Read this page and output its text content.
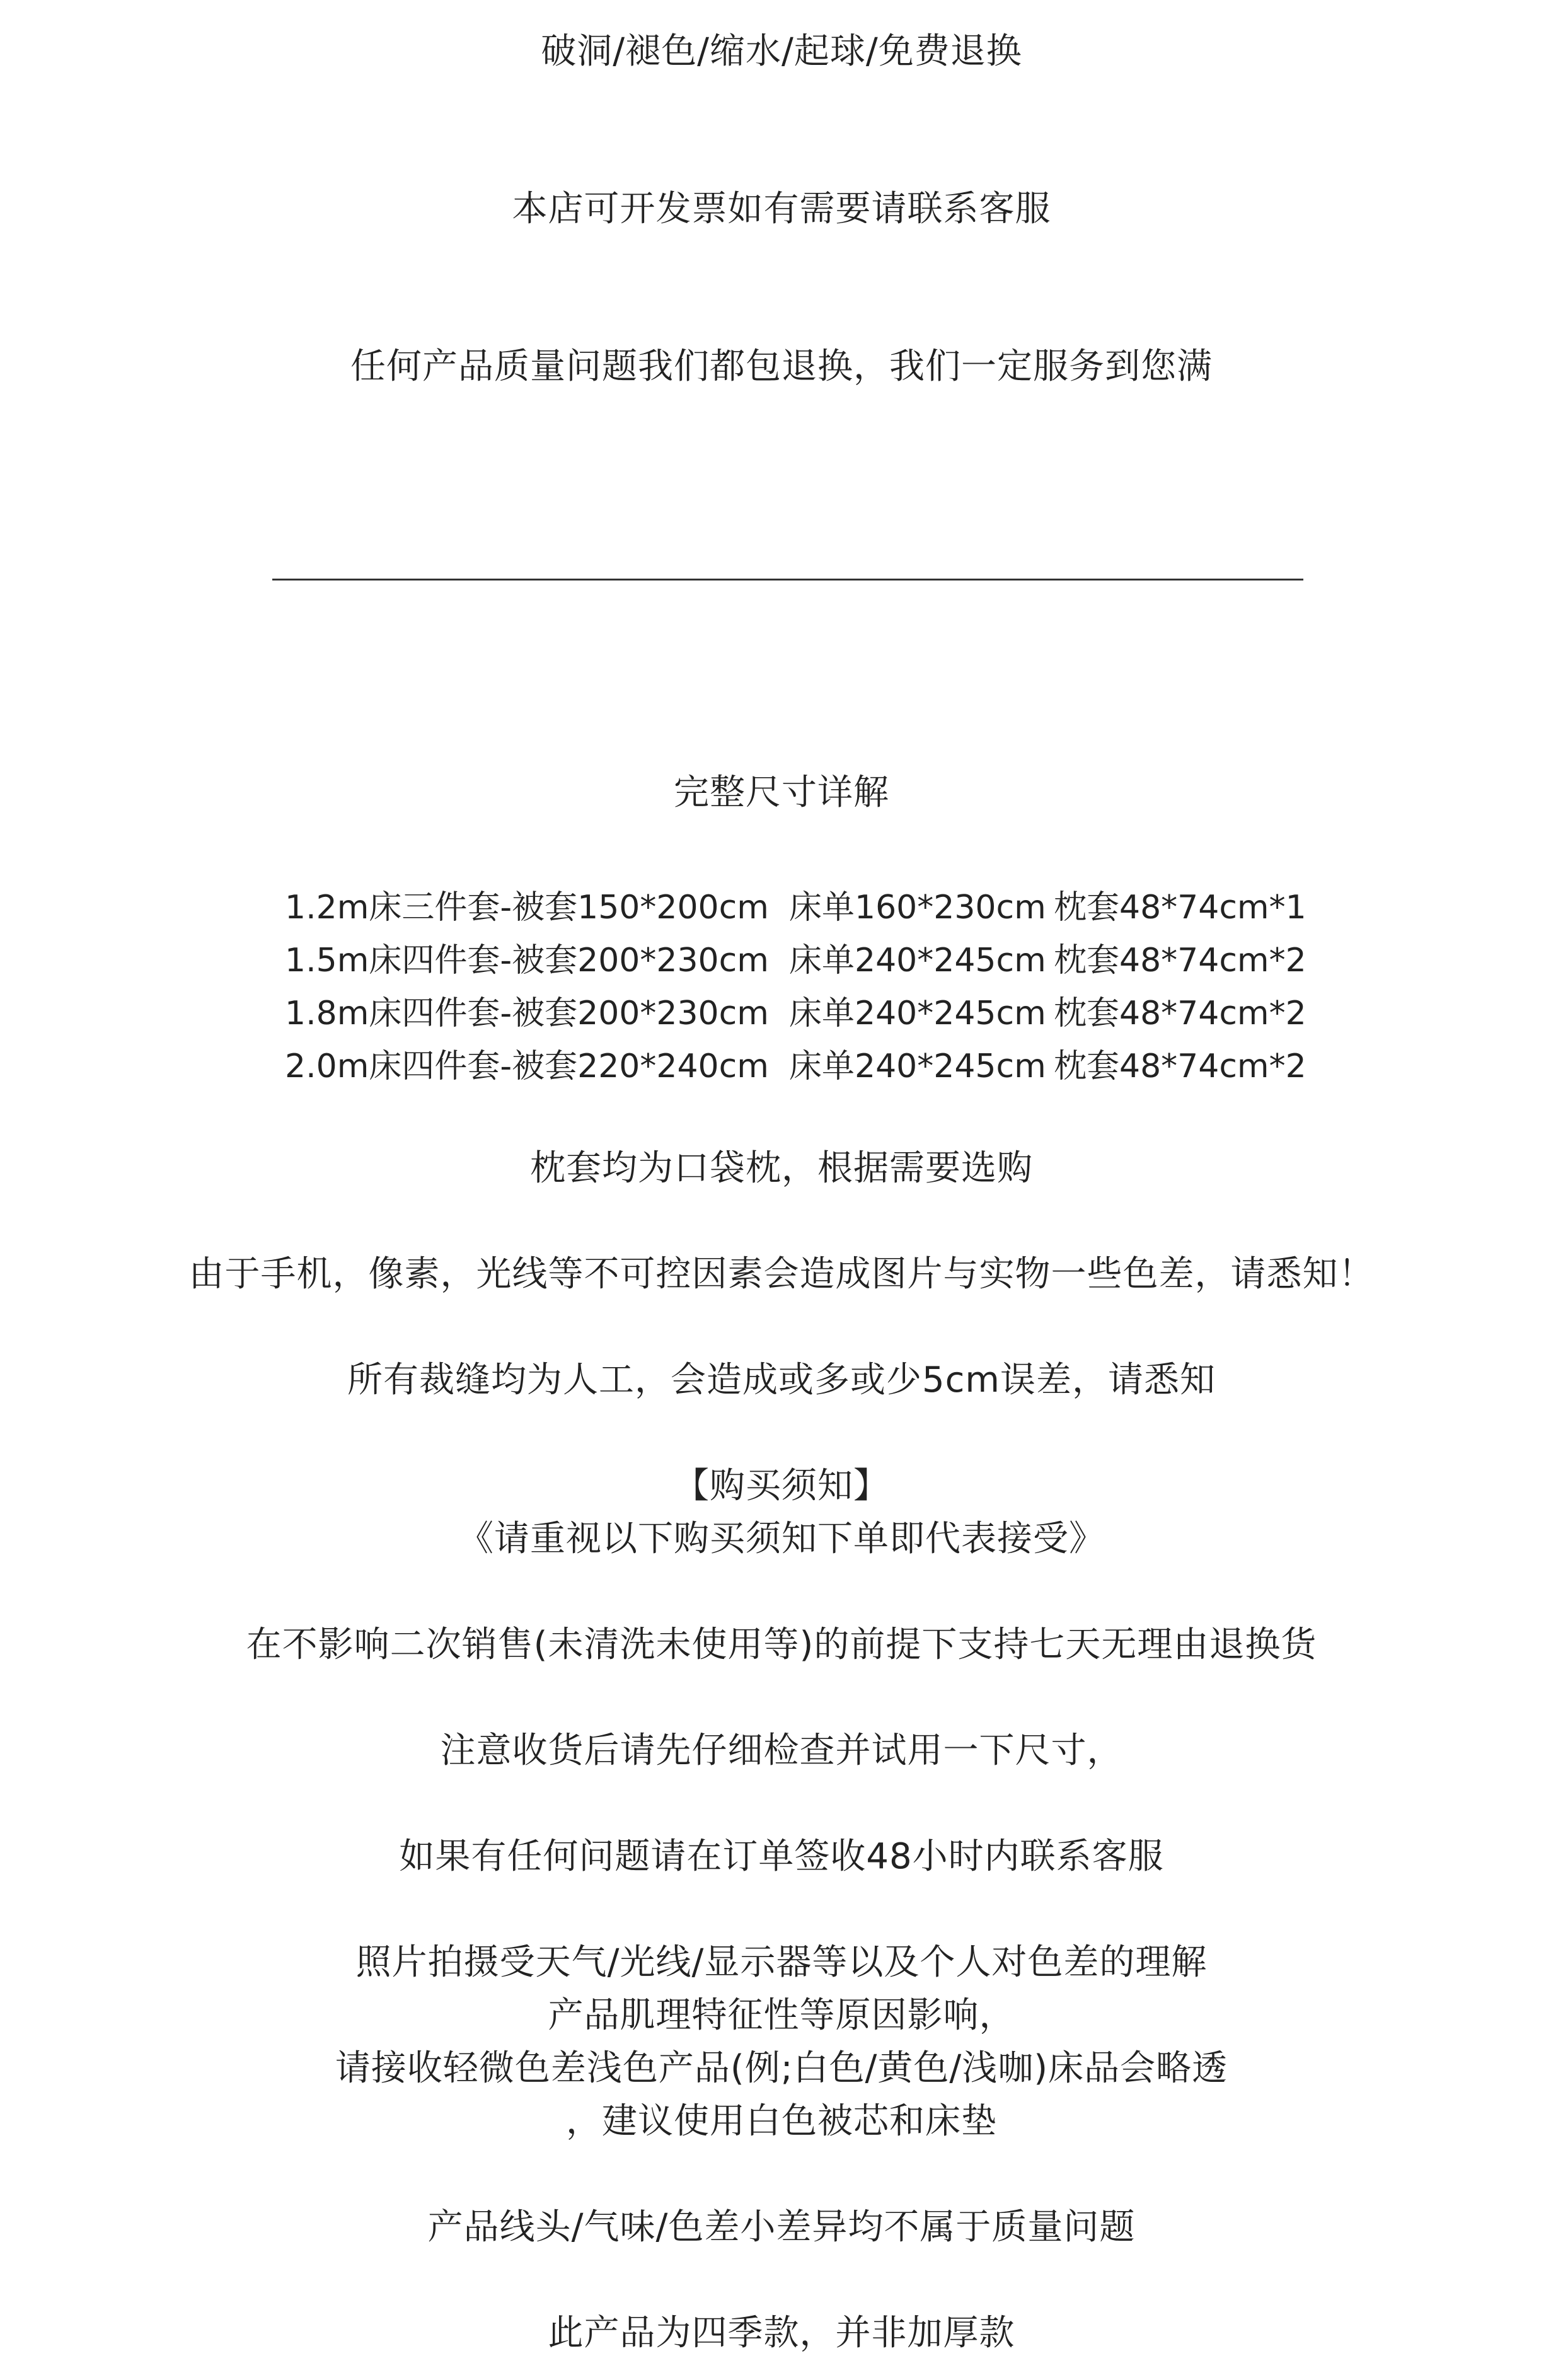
破洞/褪色/缩水/起球/免费退换
本店可开发票如有需要请联系客服
任何产品质量问题我们都包退换，我们一定服务到您满
完整尺寸详解
1.2m床三件套-被套150*200cm 床单160*230cm 枕套48*74cm*1
1.5m床四件套-被套200*230cm 床单240*245cm 枕套48*74cm*2
1.8m床四件套-被套200*230cm 床单240*245cm 枕套48*74cm*2
2.0m床四件套-被套220*240cm 床单240*245cm 枕套48*74cm*2
枕套均为口袋枕，根据需要选购
由于手机，像素，光线等不可控因素会造成图片与实物一些色差，请悉知！
所有裁缝均为人工，会造成或多或少5cm误差，请悉知
【购买须知】
《请重视以下购买须知下单即代表接受》
在不影响二次销售(未清洗未使用等)的前提下支持七天无理由退换货
注意收货后请先仔细检查并试用一下尺寸，
如果有任何问题请在订单签收48小时内联系客服
照片拍摄受天气/光线/显示器等以及个人对色差的理解
产品肌理特征性等原因影响，
请接收轻微色差浅色产品(例;白色/黄色/浅咖)床品会略透
，建议使用白色被芯和床垫
产品线头/气味/色差小差异均不属于质量问题
此产品为四季款，并非加厚款
